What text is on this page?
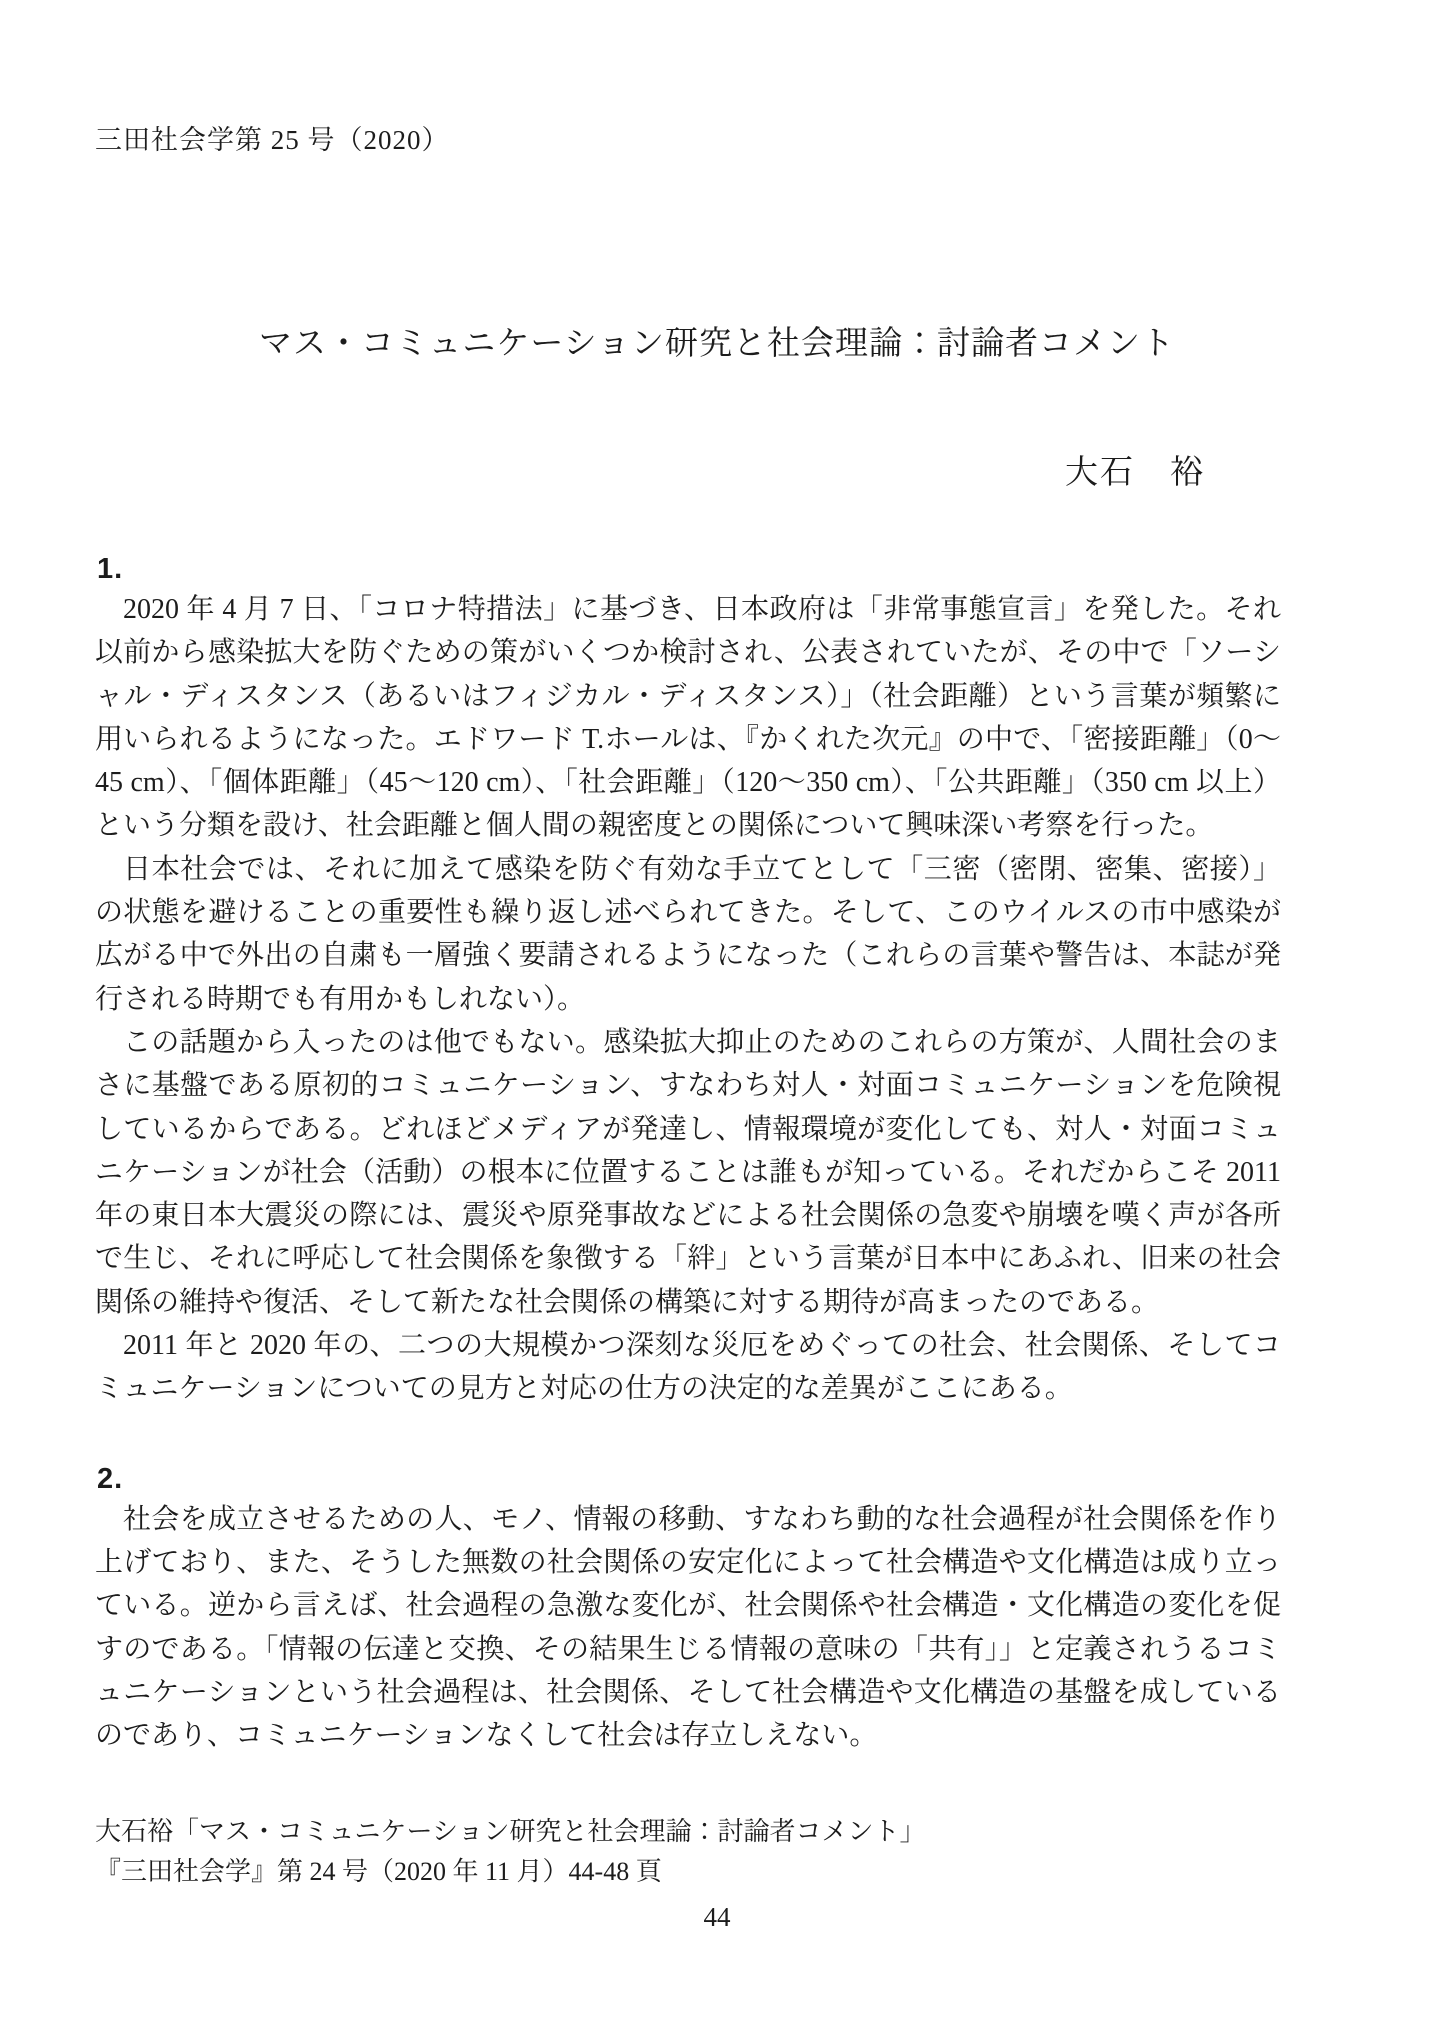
三田社会学第 25 号（2020）
マス・コミュニケーション研究と社会理論：討論者コメント
大石　裕
1.

2020 年 4 月 7 日、「コロナ特措法」に基づき、日本政府は「非常事態宣言」を発した。それ以前から感染拡大を防ぐための策がいくつか検討され、公表されていたが、その中で「ソーシャル・ディスタンス（あるいはフィジカル・ディスタンス）」（社会距離）という言葉が頻繁に用いられるようになった。エドワード T.ホールは、『かくれた次元』の中で、「密接距離」（0～45 cm）、「個体距離」（45～120 cm）、「社会距離」（120～350 cm）、「公共距離」（350 cm 以上）という分類を設け、社会距離と個人間の親密度との関係について興味深い考察を行った。

日本社会では、それに加えて感染を防ぐ有効な手立てとして「三密（密閉、密集、密接）」の状態を避けることの重要性も繰り返し述べられてきた。そして、このウイルスの市中感染が広がる中で外出の自粛も一層強く要請されるようになった（これらの言葉や警告は、本誌が発行される時期でも有用かもしれない）。

この話題から入ったのは他でもない。感染拡大抑止のためのこれらの方策が、人間社会のまさに基盤である原初的コミュニケーション、すなわち対人・対面コミュニケーションを危険視しているからである。どれほどメディアが発達し、情報環境が変化しても、対人・対面コミュニケーションが社会（活動）の根本に位置することは誰もが知っている。それだからこそ 2011 年の東日本大震災の際には、震災や原発事故などによる社会関係の急変や崩壊を嘆く声が各所で生じ、それに呼応して社会関係を象徴する「絆」という言葉が日本中にあふれ、旧来の社会関係の維持や復活、そして新たな社会関係の構築に対する期待が高まったのである。

2011 年と 2020 年の、二つの大規模かつ深刻な災厄をめぐっての社会、社会関係、そしてコミュニケーションについての見方と対応の仕方の決定的な差異がここにある。

2.

社会を成立させるための人、モノ、情報の移動、すなわち動的な社会過程が社会関係を作り上げており、また、そうした無数の社会関係の安定化によって社会構造や文化構造は成り立っている。逆から言えば、社会過程の急激な変化が、社会関係や社会構造・文化構造の変化を促すのである。「情報の伝達と交換、その結果生じる情報の意味の「共有」」と定義されうるコミュニケーションという社会過程は、社会関係、そして社会構造や文化構造の基盤を成しているのであり、コミュニケーションなくして社会は存立しえない。

大石裕「マス・コミュニケーション研究と社会理論：討論者コメント」
『三田社会学』第 24 号（2020 年 11 月）44-48 頁
44
